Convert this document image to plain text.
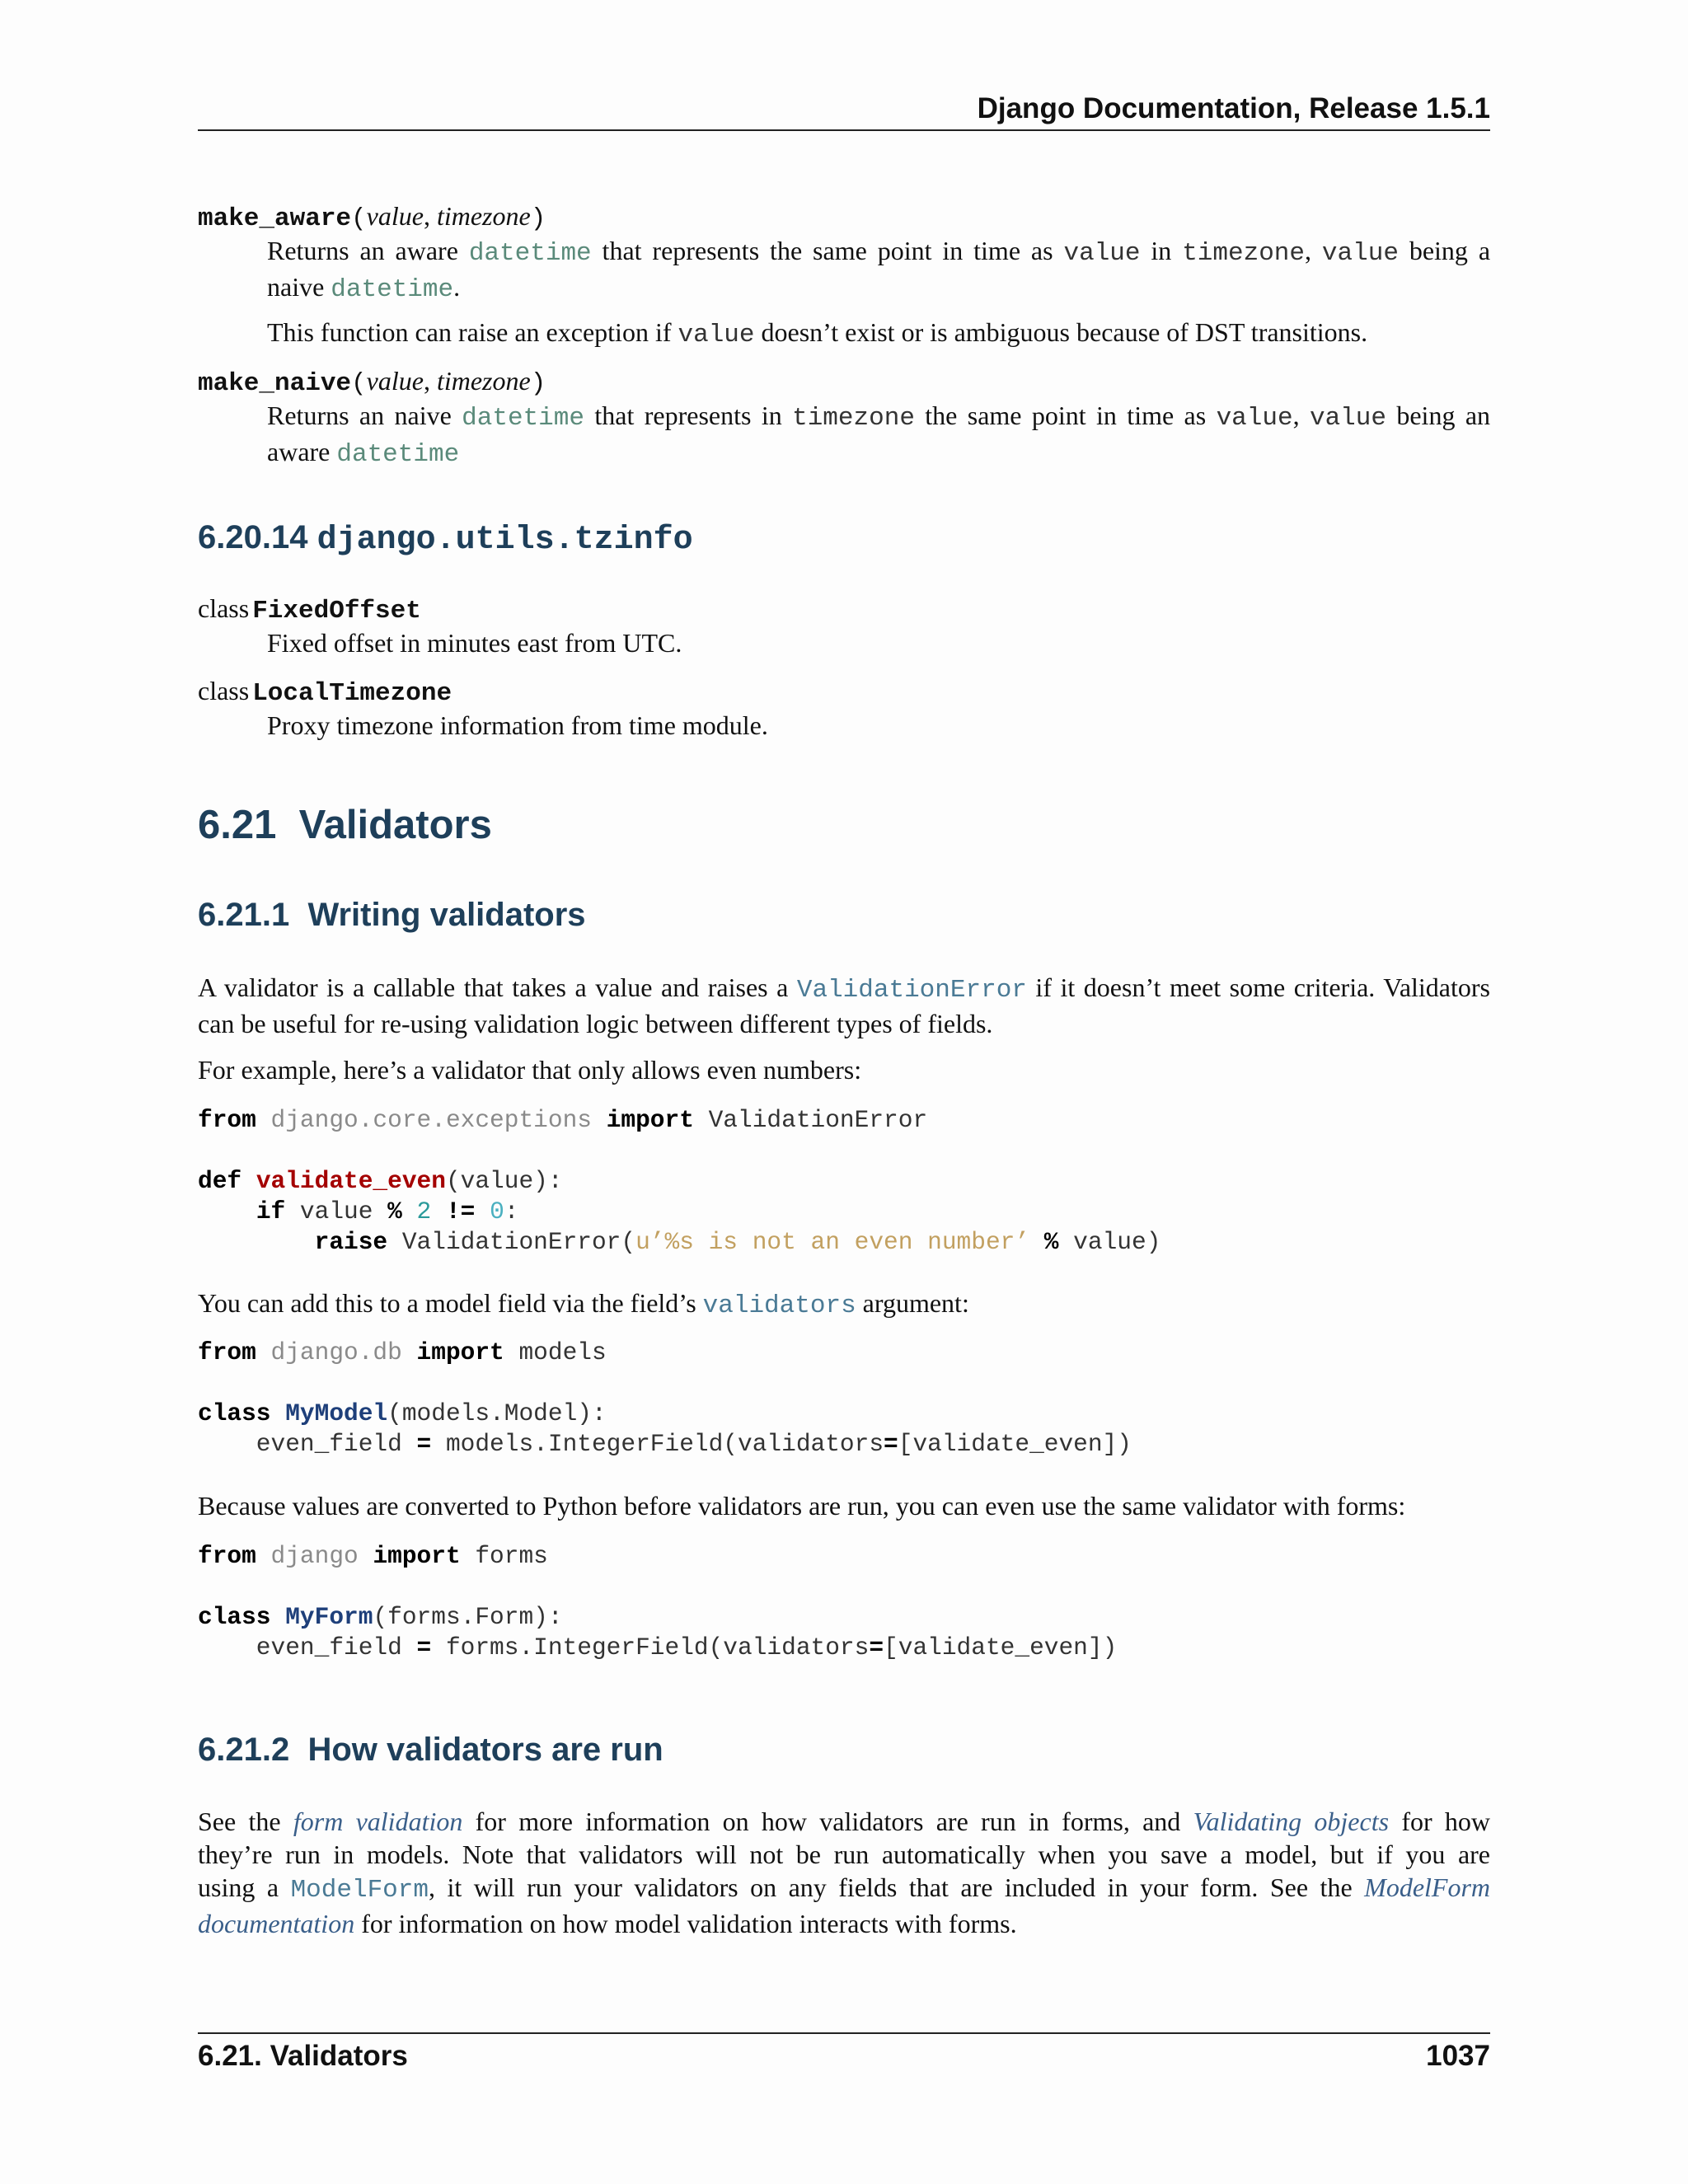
Django Documentation, Release 1.5.1
make_aware(value, timezone)
Returns an aware datetime that represents the same point in time as value in timezone, value being a
naive datetime.
This function can raise an exception if value doesn’t exist or is ambiguous because of DST transitions.
make_naive(value, timezone)
Returns an naive datetime that represents in timezone the same point in time as value, value being an
aware datetime
6.20.14 django.utils.tzinfo
class FixedOffset
Fixed offset in minutes east from UTC.
class LocalTimezone
Proxy timezone information from time module.
6.21 Validators
6.21.1 Writing validators
A validator is a callable that takes a value and raises a ValidationError if it doesn’t meet some criteria. Validators
can be useful for re-using validation logic between different types of fields.
For example, here’s a validator that only allows even numbers:
from django.core.exceptions import ValidationError

def validate_even(value):
if value % 2 != 0:
raise ValidationError(u’%s is not an even number’ % value)
You can add this to a model field via the field’s validators argument:
from django.db import models

class MyModel(models.Model):
even_field = models.IntegerField(validators=[validate_even])
Because values are converted to Python before validators are run, you can even use the same validator with forms:
from django import forms

class MyForm(forms.Form):
even_field = forms.IntegerField(validators=[validate_even])
6.21.2 How validators are run
See the form validation for more information on how validators are run in forms, and Validating objects for how
they’re run in models. Note that validators will not be run automatically when you save a model, but if you are
using a ModelForm, it will run your validators on any fields that are included in your form. See the ModelForm
documentation for information on how model validation interacts with forms.
6.21. Validators	1037
